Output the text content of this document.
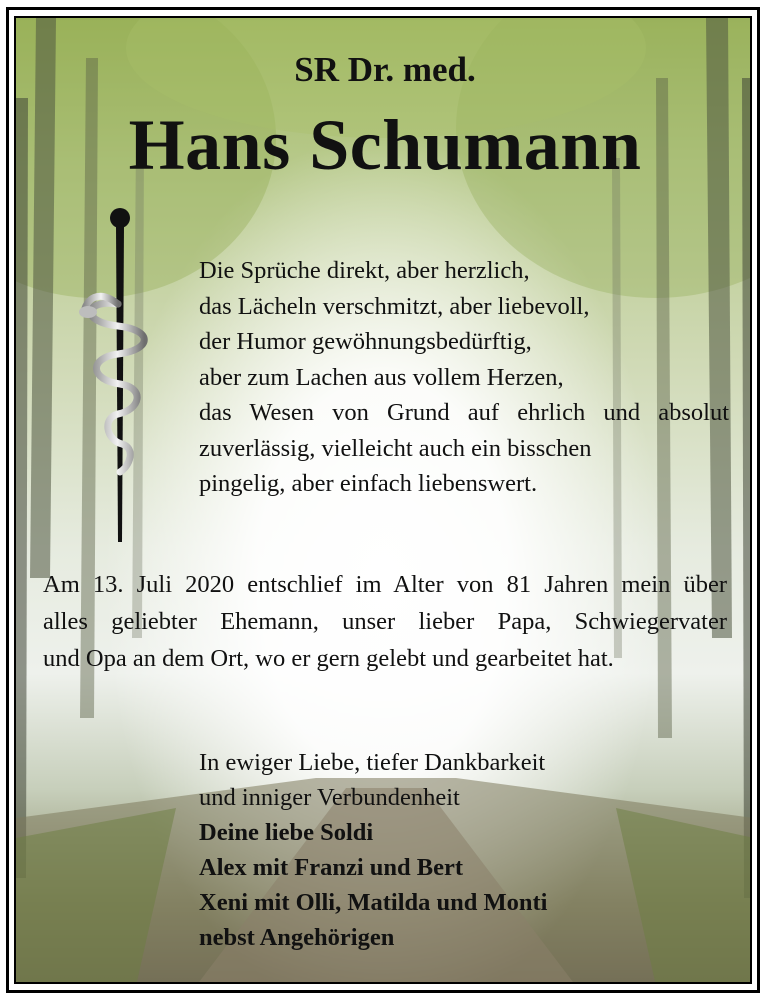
SR Dr. med.

Hans Schumann

Die Sprüche direkt, aber herzlich,
das Lächeln verschmitzt, aber liebevoll,
der Humor gewöhnungsbedürftig,
aber zum Lachen aus vollem Herzen,
das Wesen von Grund auf ehrlich und absolut
zuverlässig, vielleicht auch ein bisschen
pingelig, aber einfach liebenswert.

Am 13. Juli 2020 entschlief im Alter von 81 Jahren mein über
alles geliebter Ehemann, unser lieber Papa, Schwiegervater
und Opa an dem Ort, wo er gern gelebt und gearbeitet hat.

In ewiger Liebe, tiefer Dankbarkeit
und inniger Verbundenheit
Deine liebe Soldi
Alex mit Franzi und Bert
Xeni mit Olli, Matilda und Monti
nebst Angehörigen
